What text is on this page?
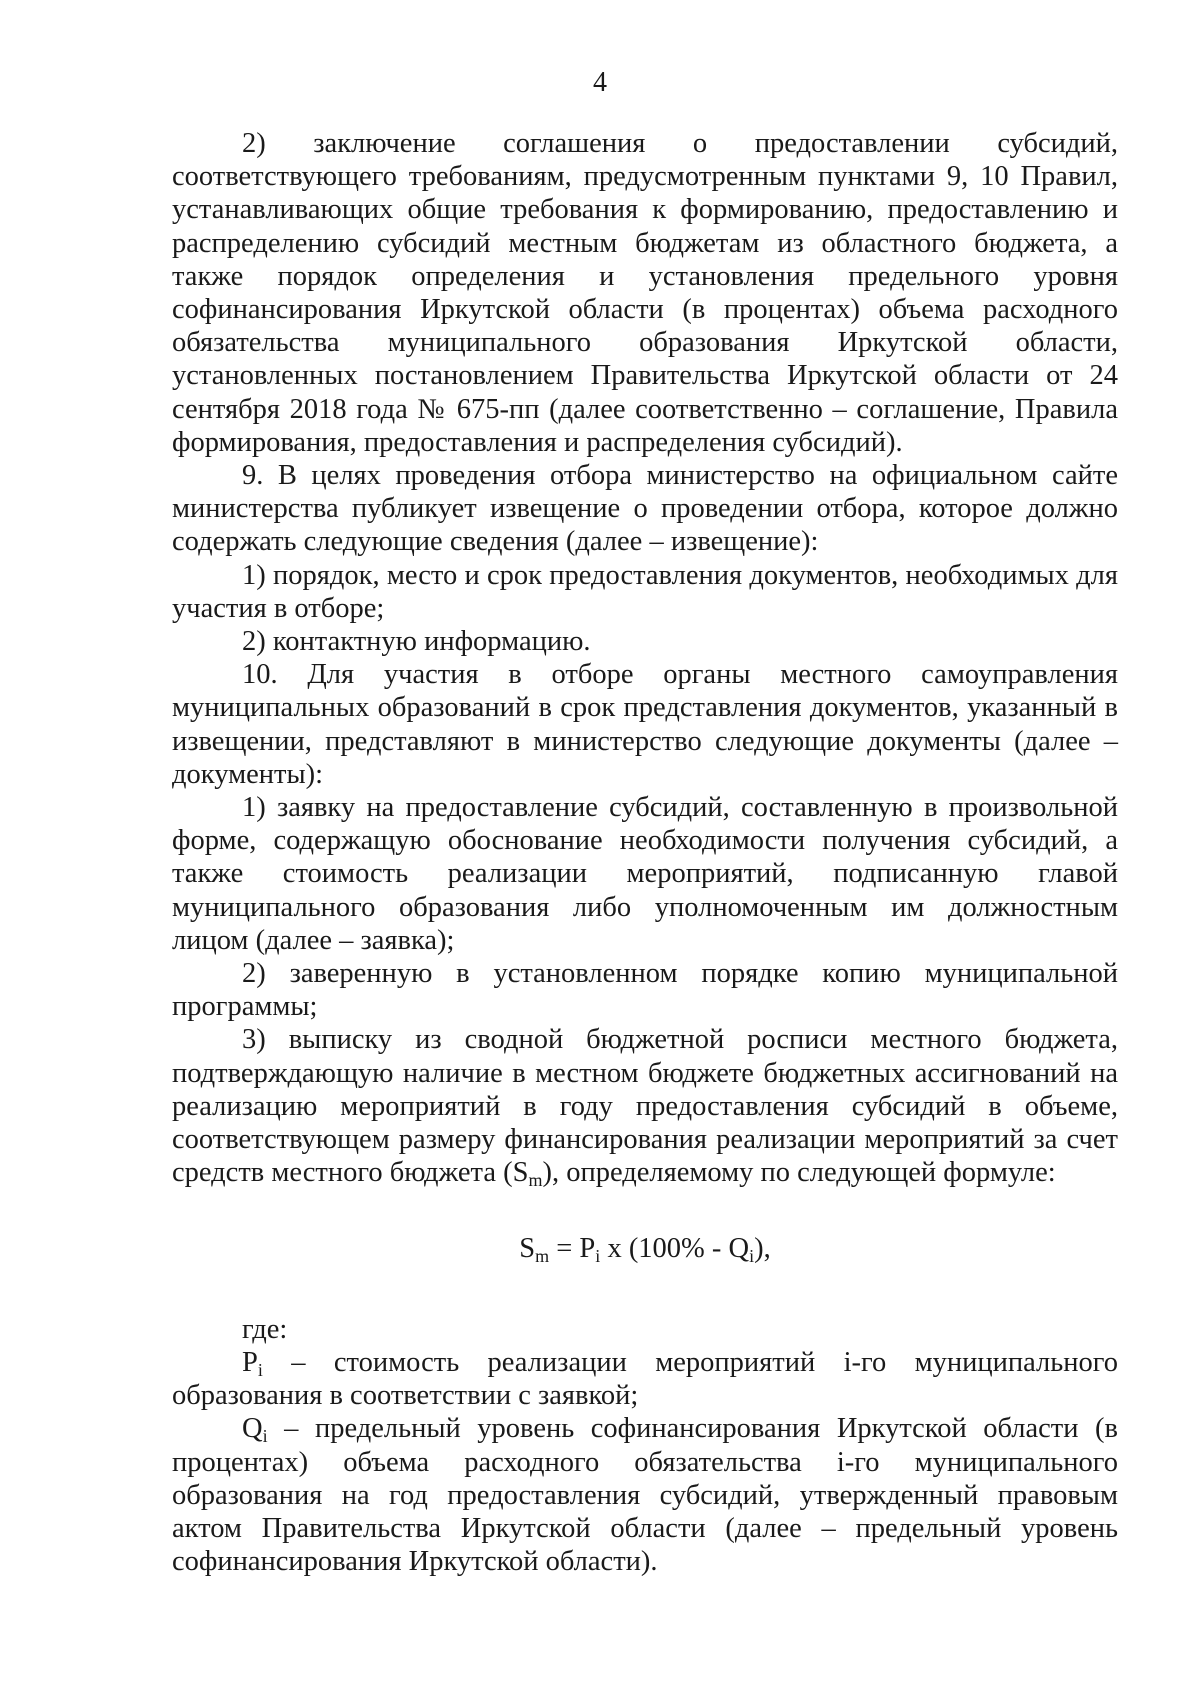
4

2) заключение соглашения о предоставлении субсидий, соответствующего требованиям, предусмотренным пунктами 9, 10 Правил, устанавливающих общие требования к формированию, предоставлению и распределению субсидий местным бюджетам из областного бюджета, а также порядок определения и установления предельного уровня софинансирования Иркутской области (в процентах) объема расходного обязательства муниципального образования Иркутской области, установленных постановлением Правительства Иркутской области от 24 сентября 2018 года № 675-пп (далее соответственно – соглашение, Правила формирования, предоставления и распределения субсидий).

9. В целях проведения отбора министерство на официальном сайте министерства публикует извещение о проведении отбора, которое должно содержать следующие сведения (далее – извещение):

1) порядок, место и срок предоставления документов, необходимых для участия в отборе;

2) контактную информацию.

10. Для участия в отборе органы местного самоуправления муниципальных образований в срок представления документов, указанный в извещении, представляют в министерство следующие документы (далее – документы):

1) заявку на предоставление субсидий, составленную в произвольной форме, содержащую обоснование необходимости получения субсидий, а также стоимость реализации мероприятий, подписанную главой муниципального образования либо уполномоченным им должностным лицом (далее – заявка);

2) заверенную в установленном порядке копию муниципальной программы;

3) выписку из сводной бюджетной росписи местного бюджета, подтверждающую наличие в местном бюджете бюджетных ассигнований на реализацию мероприятий в году предоставления субсидий в объеме, соответствующем размеру финансирования реализации мероприятий за счет средств местного бюджета (Sm), определяемому по следующей формуле:

$S_m = P_i$ x $(100\% - Q_i)$,

где:

Pi – стоимость реализации мероприятий i-го муниципального образования в соответствии с заявкой;

Qi – предельный уровень софинансирования Иркутской области (в процентах) объема расходного обязательства i-го муниципального образования на год предоставления субсидий, утвержденный правовым актом Правительства Иркутской области (далее – предельный уровень софинансирования Иркутской области).
